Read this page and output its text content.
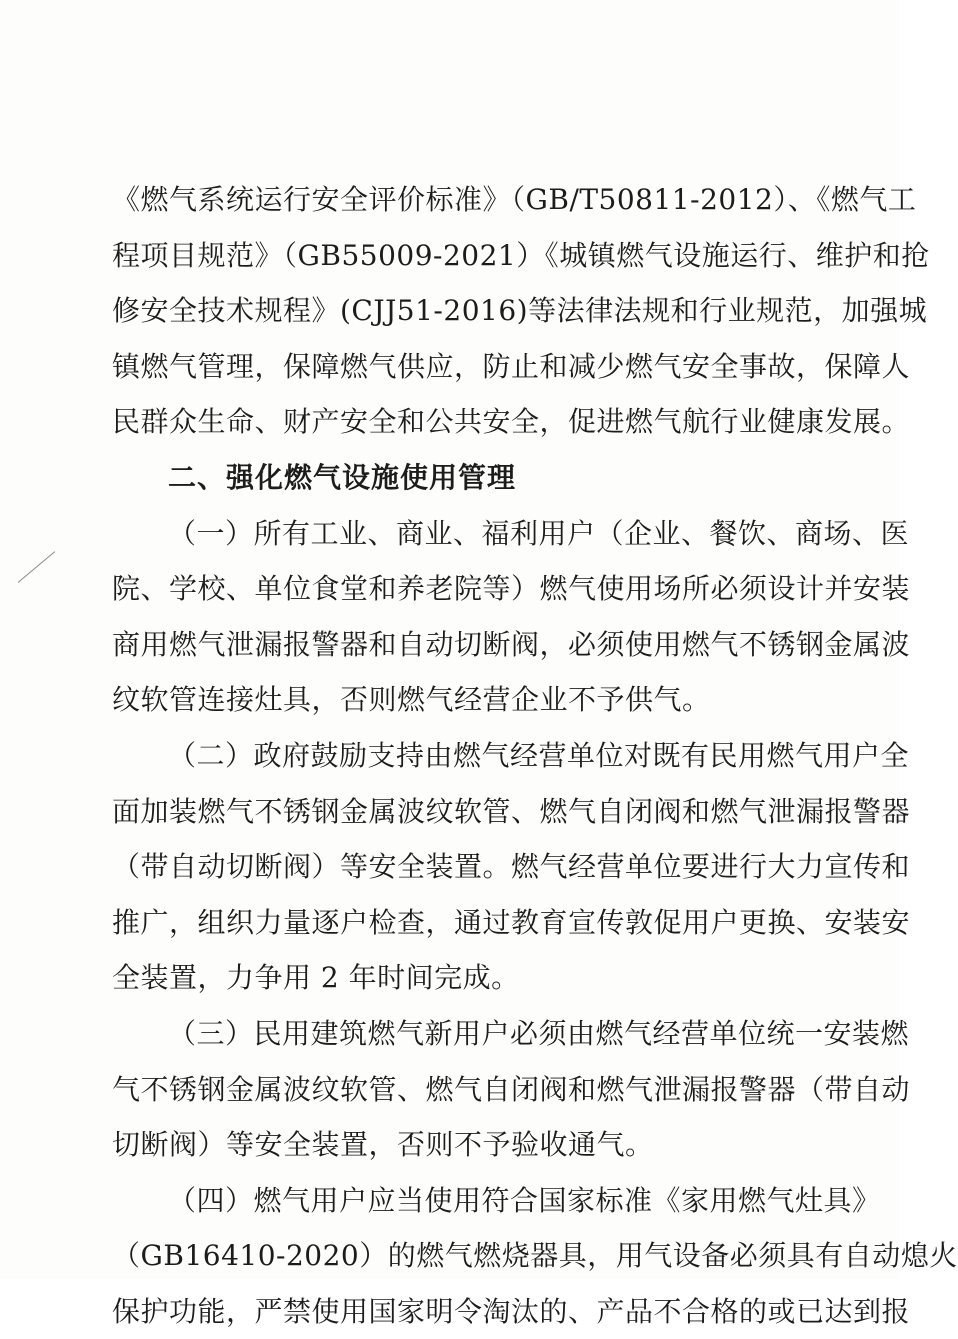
《燃气系统运行安全评价标准》（GB/T50811-2012）、《燃气工
程项目规范》（GB55009-2021）《城镇燃气设施运行、维护和抢
修安全技术规程》(CJJ51-2016)等法律法规和行业规范，加强城
镇燃气管理，保障燃气供应，防止和减少燃气安全事故，保障人
民群众生命、财产安全和公共安全，促进燃气航行业健康发展。
二、强化燃气设施使用管理
（一）所有工业、商业、福利用户（企业、餐饮、商场、医
院、学校、单位食堂和养老院等）燃气使用场所必须设计并安装
商用燃气泄漏报警器和自动切断阀，必须使用燃气不锈钢金属波
纹软管连接灶具，否则燃气经营企业不予供气。
（二）政府鼓励支持由燃气经营单位对既有民用燃气用户全
面加装燃气不锈钢金属波纹软管、燃气自闭阀和燃气泄漏报警器
（带自动切断阀）等安全装置。燃气经营单位要进行大力宣传和
推广，组织力量逐户检查，通过教育宣传敦促用户更换、安装安
全装置，力争用 2 年时间完成。
（三）民用建筑燃气新用户必须由燃气经营单位统一安装燃
气不锈钢金属波纹软管、燃气自闭阀和燃气泄漏报警器（带自动
切断阀）等安全装置，否则不予验收通气。
（四）燃气用户应当使用符合国家标准《家用燃气灶具》
（GB16410-2020）的燃气燃烧器具，用气设备必须具有自动熄火
保护功能，严禁使用国家明令淘汰的、产品不合格的或已达到报
